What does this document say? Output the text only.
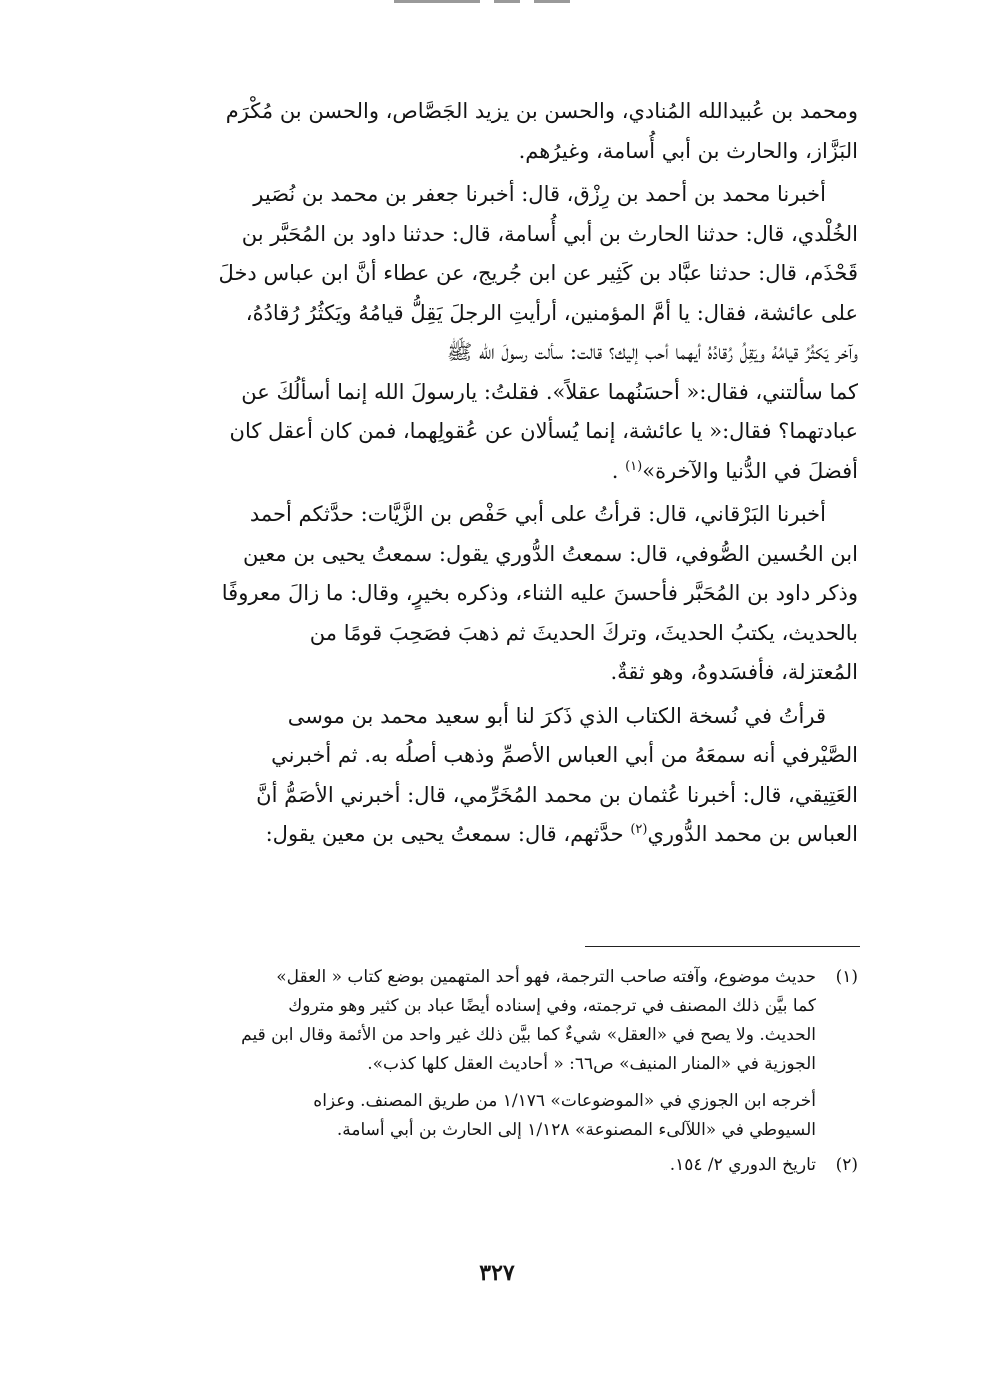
ومحمد بن عُبيدالله المُنادي، والحسن بن يزيد الجَصَّاص، والحسن بن مُكْرَم
البَزَّاز، والحارث بن أبي أُسامة، وغيرُهم.

أخبرنا محمد بن أحمد بن رِزْق، قال: أخبرنا جعفر بن محمد بن نُصَير
الخُلْدي، قال: حدثنا الحارث بن أبي أُسامة، قال: حدثنا داود بن المُحَبَّر بن
قَحْذَم، قال: حدثنا عبَّاد بن كَثِير عن ابن جُريج، عن عطاء أنَّ ابن عباس دخلَ
على عائشة، فقال: يا أمَّ المؤمنين، أرأيتِ الرجلَ يَقِلُّ قيامُهُ ويَكثُرُ رُقادُهُ،
وآخر يَكثُرُ قيامُهُ ويَقِلُ رُقادُهُ أيهما أحب إليك؟ قالت: سألت رسولَ الله ﷺ
كما سألتني، فقال:« أحسَنُهما عقلاً». فقلتُ: يارسولَ الله إنما أسألُكَ عن
عبادتهما؟ فقال:« يا عائشة، إنما يُسألان عن عُقولِهما، فمن كان أعقل كان
أفضلَ في الدُّنيا والآخرة»$^{(١)}$ .

أخبرنا البَرْقاني، قال: قرأتُ على أبي حَفْص بن الزَّيَّات: حدَّثكم أحمد
ابن الحُسين الصُّوفي، قال: سمعتُ الدُّوري يقول: سمعتُ يحيى بن معين
وذكر داود بن المُحَبَّر فأحسنَ عليه الثناء، وذكره بخيرٍ، وقال: ما زالَ معروفًا
بالحديث، يكتبُ الحديثَ، وتركَ الحديثَ ثم ذهبَ فصَحِبَ قومًا من
المُعتزلة، فأفسَدوهُ، وهو ثقةٌ.

قرأتُ في نُسخة الكتاب الذي ذَكرَ لنا أبو سعيد محمد بن موسى
الصَّيْرفي أنه سمعَهُ من أبي العباس الأصمِّ وذهب أصلُه به. ثم أخبرني
العَتِيقي، قال: أخبرنا عُثمان بن محمد المُخَرِّمي، قال: أخبرني الأصَمُّ أنَّ
العباس بن محمد الدُّوري$^{(٢)}$ حدَّثهم، قال: سمعتُ يحيى بن معين يقول:

(١)
حديث موضوع، وآفته صاحب الترجمة، فهو أحد المتهمين بوضع كتاب « العقل»
كما بيَّن ذلك المصنف في ترجمته، وفي إسناده أيضًا عباد بن كثير وهو متروك
الحديث. ولا يصح في «العقل» شيءٌ كما بيَّن ذلك غير واحد من الأئمة وقال ابن قيم
الجوزية في «المنار المنيف» ص٦٦: « أحاديث العقل كلها كذب».
أخرجه ابن الجوزي في «الموضوعات» ١/١٧٦ من طريق المصنف. وعزاه
السيوطي في «اللآلىء المصنوعة» ١/١٢٨ إلى الحارث بن أبي أسامة.
(٢)
تاريخ الدوري ٢/ ١٥٤.
٣٢٧
